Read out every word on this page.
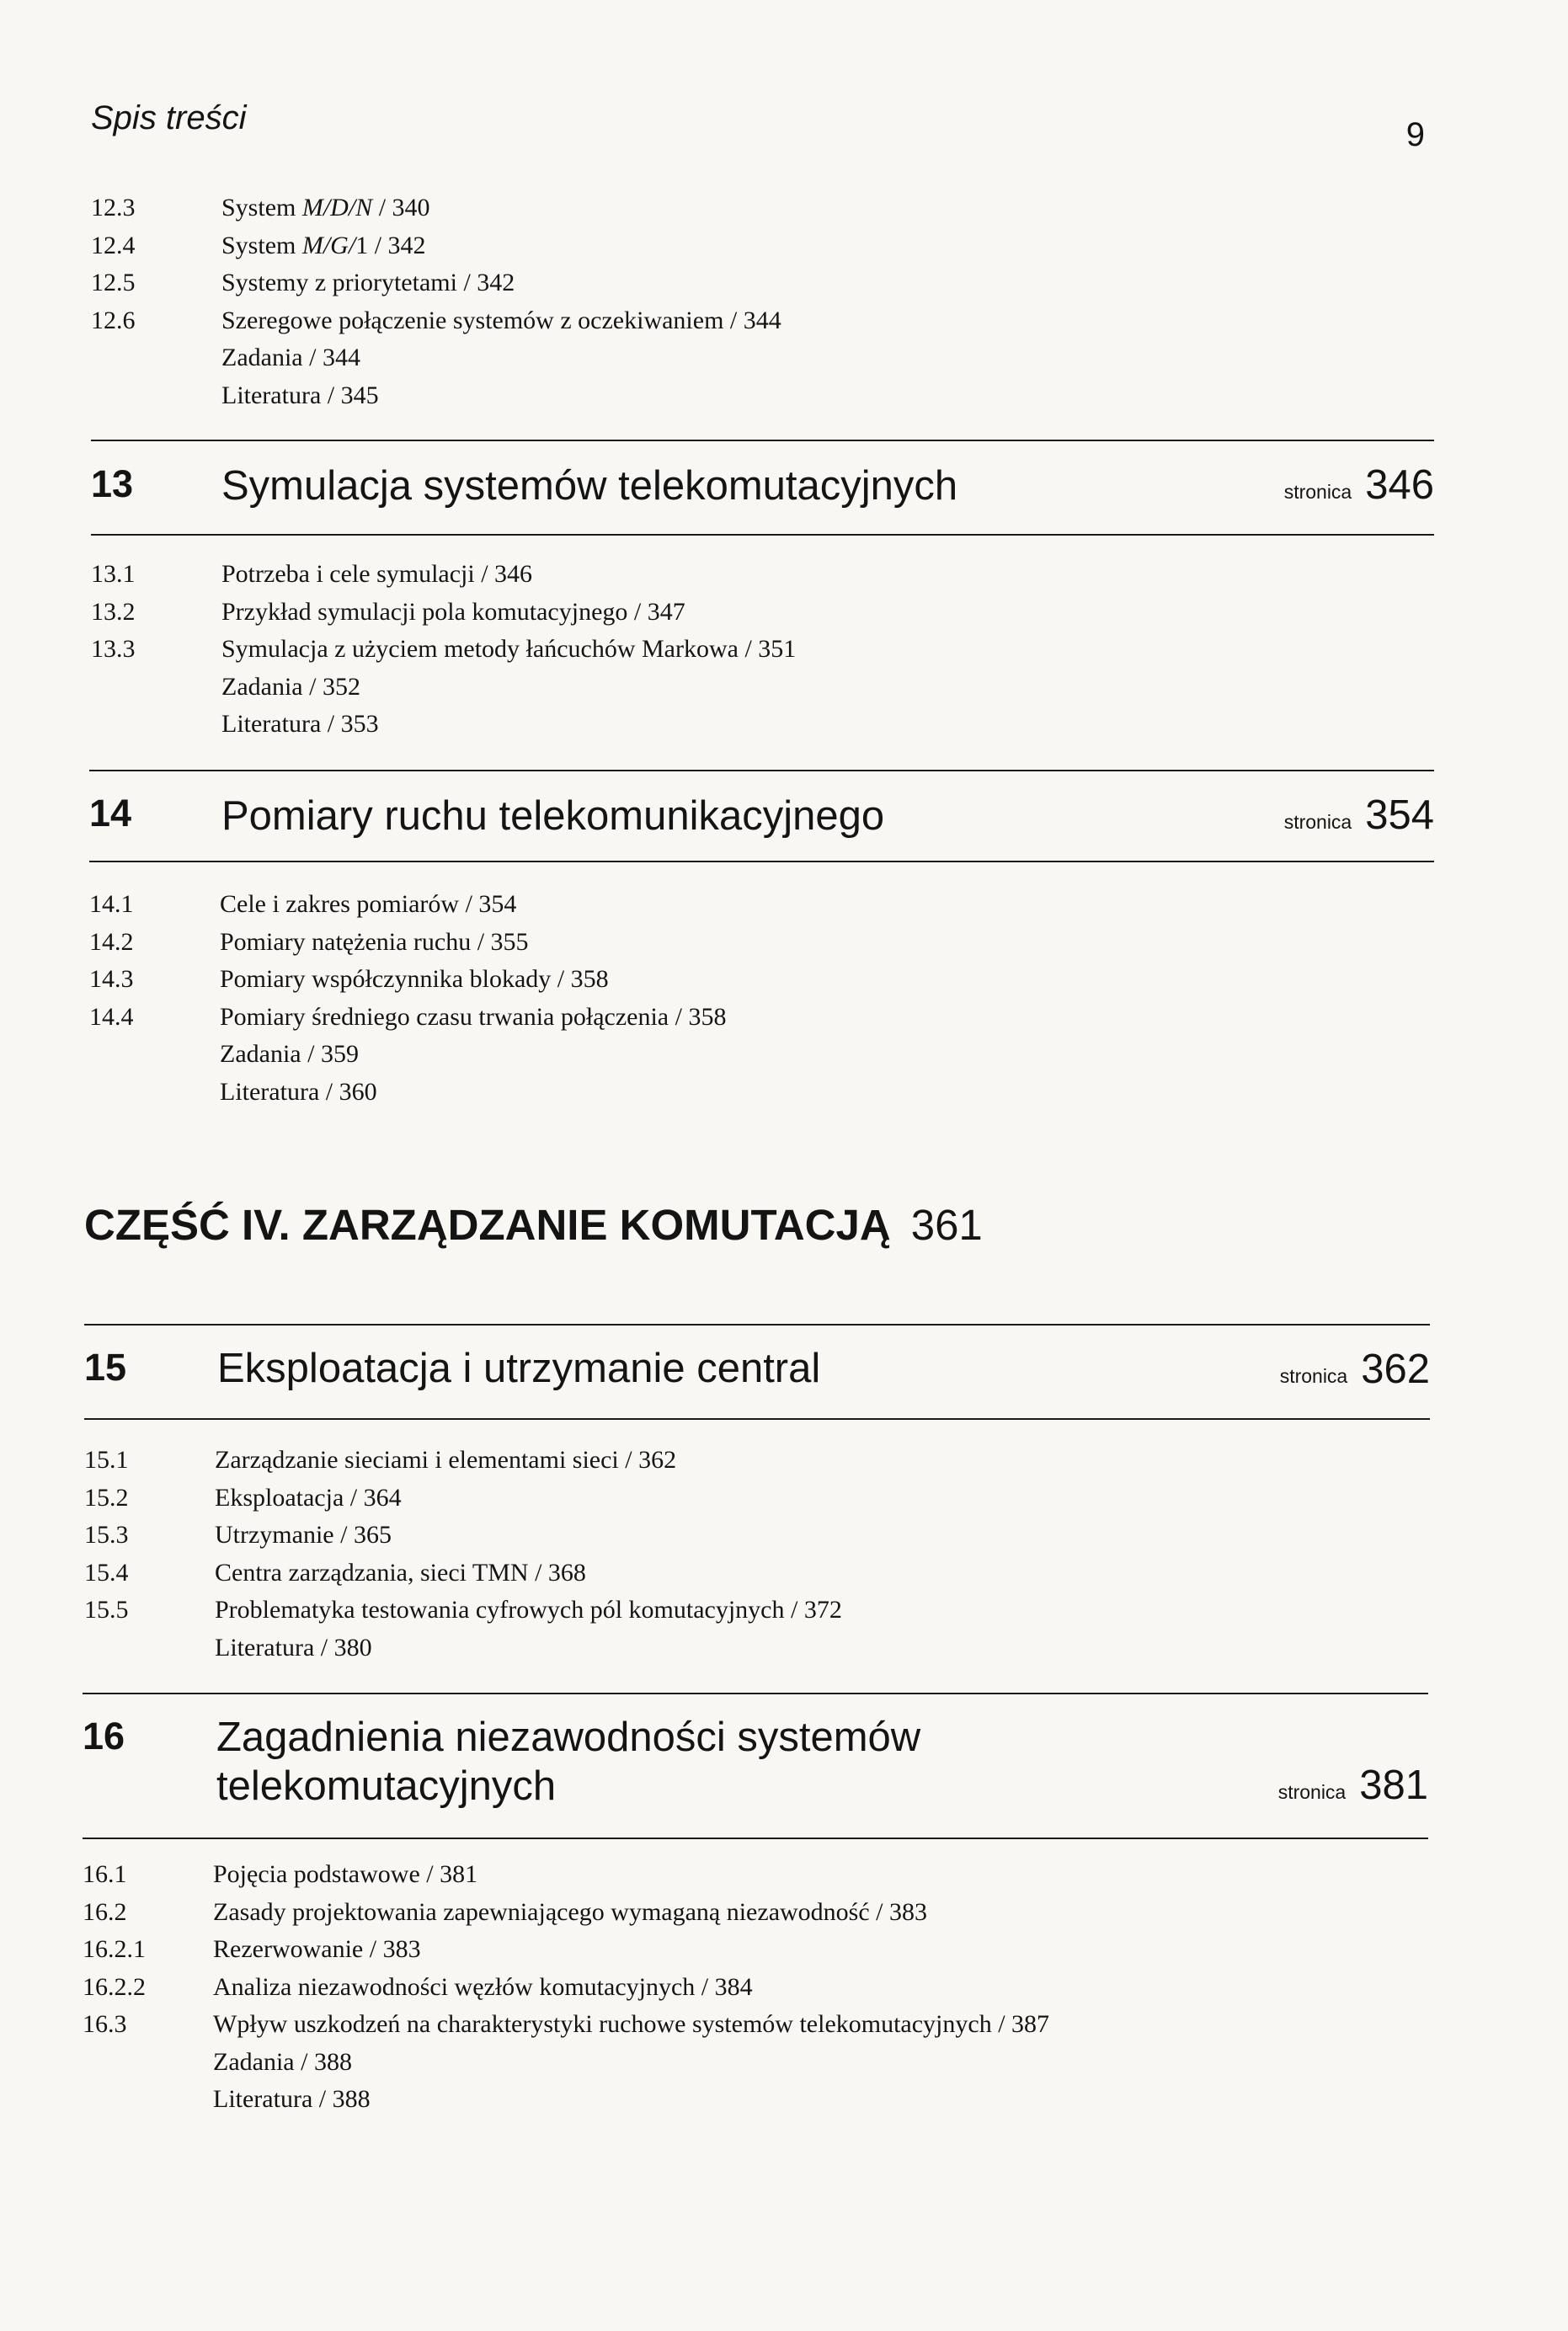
Spis treści	9
12.3	System M/D/N / 340
12.4	System M/G/1 / 342
12.5	Systemy z priorytetami / 342
12.6	Szeregowe połączenie systemów z oczekiwaniem / 344
Zadania / 344
Literatura / 345
13 Symulacja systemów telekomutacyjnych	stronica 346
13.1	Potrzeba i cele symulacji / 346
13.2	Przykład symulacji pola komutacyjnego / 347
13.3	Symulacja z użyciem metody łańcuchów Markowa / 351
Zadania / 352
Literatura / 353
14 Pomiary ruchu telekomunikacyjnego	stronica 354
14.1	Cele i zakres pomiarów / 354
14.2	Pomiary natężenia ruchu / 355
14.3	Pomiary współczynnika blokady / 358
14.4	Pomiary średniego czasu trwania połączenia / 358
Zadania / 359
Literatura / 360
CZĘŚĆ IV. ZARZĄDZANIE KOMUTACJĄ 361
15 Eksploatacja i utrzymanie central	stronica 362
15.1	Zarządzanie sieciami i elementami sieci / 362
15.2	Eksploatacja / 364
15.3	Utrzymanie / 365
15.4	Centra zarządzania, sieci TMN / 368
15.5	Problematyka testowania cyfrowych pól komutacyjnych / 372
Literatura / 380
16 Zagadnienia niezawodności systemów
telekomutacyjnych	stronica 381
16.1	Pojęcia podstawowe / 381
16.2	Zasady projektowania zapewniającego wymaganą niezawodność / 383
16.2.1	Rezerwowanie / 383
16.2.2	Analiza niezawodności węzłów komutacyjnych / 384
16.3	Wpływ uszkodzeń na charakterystyki ruchowe systemów telekomutacyjnych / 387
Zadania / 388
Literatura / 388
